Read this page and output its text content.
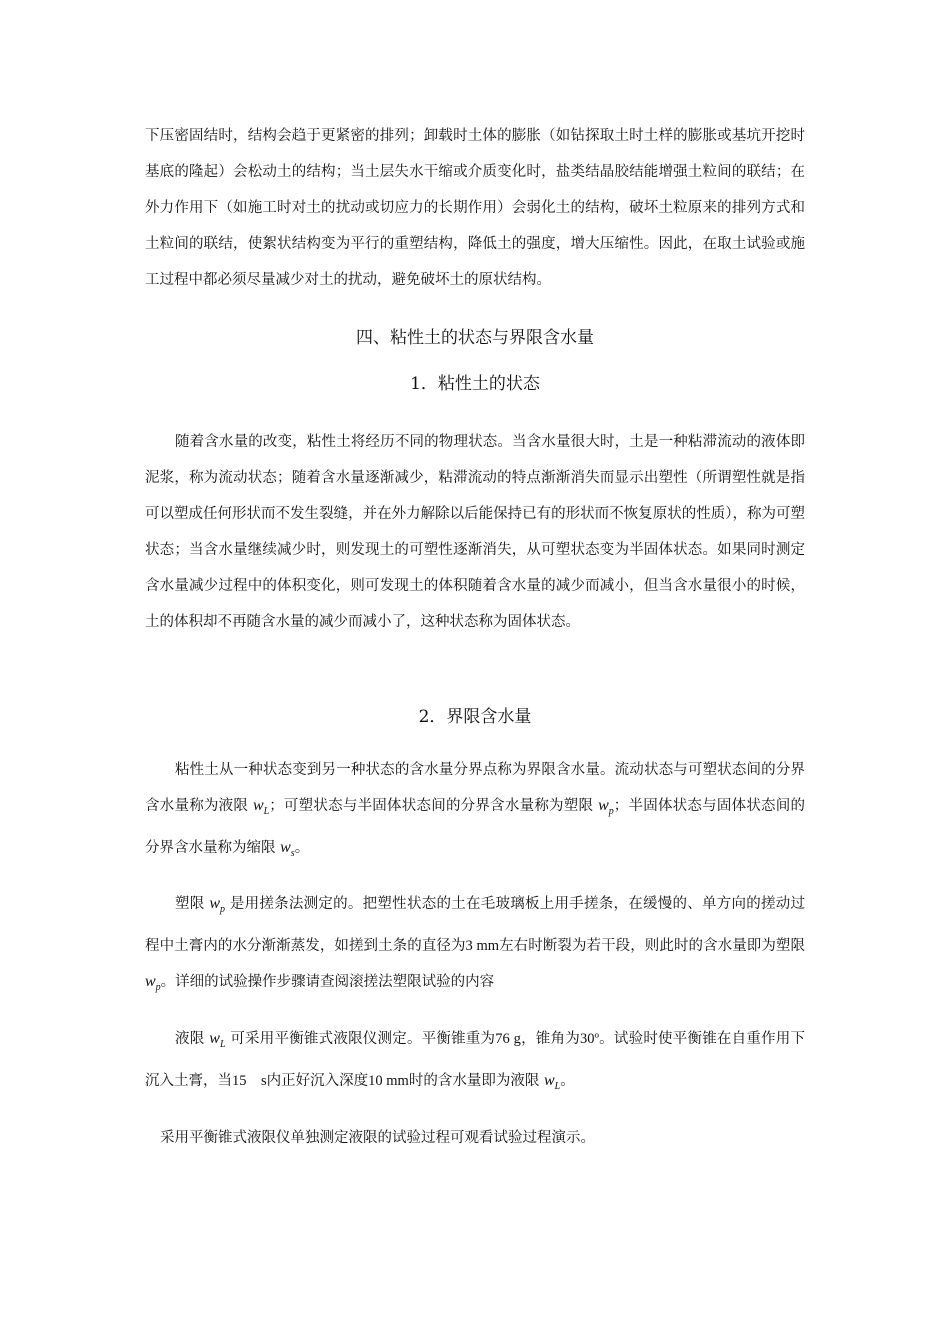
下压密固结时，结构会趋于更紧密的排列；卸载时土体的膨胀（如钻探取土时土样的膨胀或基坑开挖时基底的隆起）会松动土的结构；当土层失水干缩或介质变化时，盐类结晶胶结能增强土粒间的联结；在外力作用下（如施工时对土的扰动或切应力的长期作用）会弱化土的结构，破坏土粒原来的排列方式和土粒间的联结，使絮状结构变为平行的重塑结构，降低土的强度，增大压缩性。因此，在取土试验或施工过程中都必须尽量减少对土的扰动，避免破坏土的原状结构。

四、粘性土的状态与界限含水量
1．粘性土的状态

随着含水量的改变，粘性土将经历不同的物理状态。当含水量很大时，土是一种粘滞流动的液体即泥浆，称为流动状态；随着含水量逐渐减少，粘滞流动的特点渐渐消失而显示出塑性（所谓塑性就是指可以塑成任何形状而不发生裂缝，并在外力解除以后能保持已有的形状而不恢复原状的性质），称为可塑状态；当含水量继续减少时，则发现土的可塑性逐渐消失，从可塑状态变为半固体状态。如果同时测定含水量减少过程中的体积变化，则可发现土的体积随着含水量的减少而减小，但当含水量很小的时候，土的体积却不再随含水量的减少而减小了，这种状态称为固体状态。

2．界限含水量

粘性土从一种状态变到另一种状态的含水量分界点称为界限含水量。流动状态与可塑状态间的分界含水量称为液限 $w_L$；可塑状态与半固体状态间的分界含水量称为塑限 $w_p$；半固体状态与固体状态间的分界含水量称为缩限 $w_s$。

塑限 $w_p$ 是用搓条法测定的。把塑性状态的土在毛玻璃板上用手搓条，在缓慢的、单方向的搓动过程中土膏内的水分渐渐蒸发，如搓到土条的直径为3 mm左右时断裂为若干段，则此时的含水量即为塑限 $w_p$。详细的试验操作步骤请查阅滚搓法塑限试验的内容

液限 $w_L$ 可采用平衡锥式液限仪测定。平衡锥重为76 g，锥角为30º。试验时使平衡锥在自重作用下沉入土膏，当15　s内正好沉入深度10 mm时的含水量即为液限 $w_L$。

采用平衡锥式液限仪单独测定液限的试验过程可观看试验过程演示。
